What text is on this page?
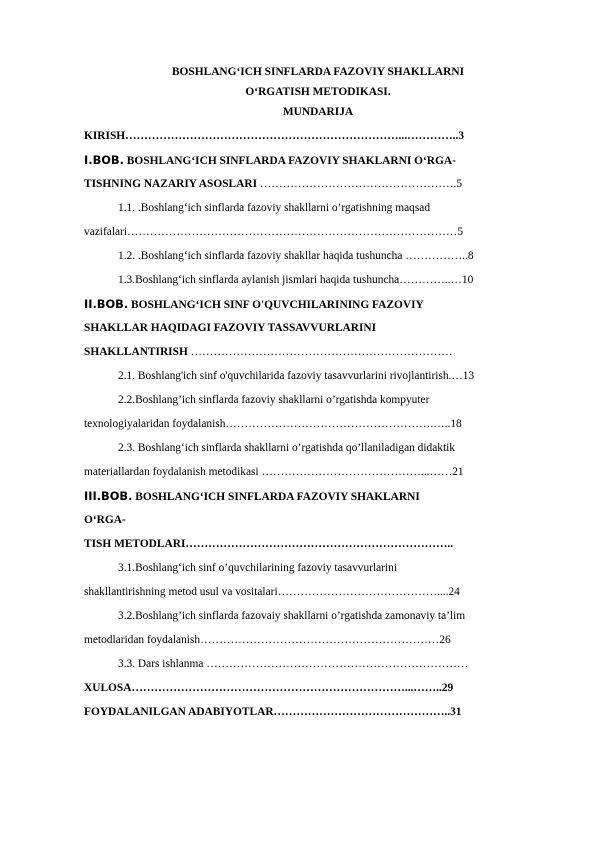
BOSHLANG‘ICH SINFLARDA FAZOVIY SHAKLLARNI
O‘RGATISH METODIKASI.
MUNDARIJA
KIRISH………………………………………………………………...…………..3
I.BOB. BOSHLANG‘ICH SINFLARDA FAZOVIY SHAKLARNI O‘RGA-
TISHNING NAZARIY ASOSLARI …………………………………………….5
1.1. .Boshlang‘ich sinflarda fazoviy shakllarni o’rgatishning maqsad
vazifalari……………………………………………………………………………5
1.2. .Boshlang‘ich sinflarda fazoviy shakllar haqida tushuncha ……………..8
1.3.Boshlang‘ich sinflarda aylanish jismlari haqida tushuncha…………..…10
II.BOB. BOSHLANG‘ICH SINF O'QUVCHILARINING FAZOVIY
SHAKLLAR HAQIDAGI FAZOVIY TASSAVVURLARINI
SHAKLLANTIRISH ……………………………………………………………
2.1. Boshlang'ich sinf o'quvchilarida fazoviy tasavvurlarini rivojlantirish.…13
2.2.Boshlang’ich sinflarda fazoviy shakllarni o’rgatishda kompyuter
texnologiyalaridan foydalanish……………………………………………….…..18
2.3. Boshlang‘ich sinflarda shakllarni o’rgatishda qo’llaniladigan didaktik
materiallardan foydalanish metodikasi ……………………………………...……21
III.BOB. BOSHLANG‘ICH SINFLARDA FAZOVIY SHAKLARNI
O‘RGA-
TISH METODLARI……………………………………………………………..
3.1.Boshlang‘ich sinf o’quvchilarining fazoviy tasavvurlarini
shakllantirishning metod usul va vositalari……………………………………....24
3.2.Boshlang’ich sinflarda fazovaiy shakllarni o’rgatishda zamonaviy ta’lim
metodlaridan foydalanish………………………………………………………26
3.3. Dars ishlanma ……………………………………………………………
XULOSA………………………………………………………………...……..29
FOYDALANILGAN ADABIYOTLAR………………………………………..31
